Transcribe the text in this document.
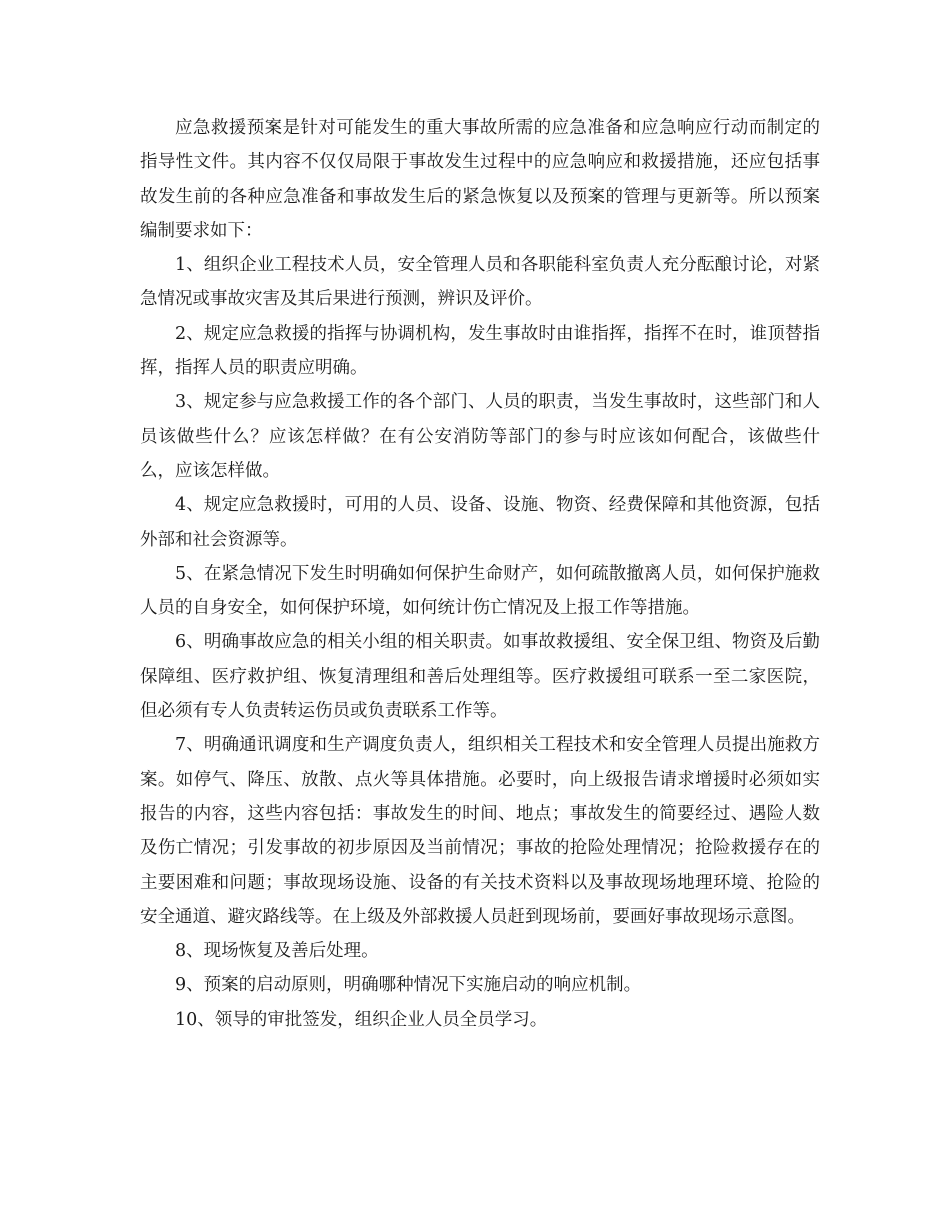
应急救援预案是针对可能发生的重大事故所需的应急准备和应急响应行动而制定的指导性文件。其内容不仅仅局限于事故发生过程中的应急响应和救援措施，还应包括事故发生前的各种应急准备和事故发生后的紧急恢复以及预案的管理与更新等。所以预案编制要求如下：

1、组织企业工程技术人员，安全管理人员和各职能科室负责人充分酝酿讨论，对紧急情况或事故灾害及其后果进行预测，辨识及评价。

2、规定应急救援的指挥与协调机构，发生事故时由谁指挥，指挥不在时，谁顶替指挥，指挥人员的职责应明确。

3、规定参与应急救援工作的各个部门、人员的职责，当发生事故时，这些部门和人员该做些什么？应该怎样做？在有公安消防等部门的参与时应该如何配合，该做些什么，应该怎样做。

4、规定应急救援时，可用的人员、设备、设施、物资、经费保障和其他资源，包括外部和社会资源等。

5、在紧急情况下发生时明确如何保护生命财产，如何疏散撤离人员，如何保护施救人员的自身安全，如何保护环境，如何统计伤亡情况及上报工作等措施。

6、明确事故应急的相关小组的相关职责。如事故救援组、安全保卫组、物资及后勤保障组、医疗救护组、恢复清理组和善后处理组等。医疗救援组可联系一至二家医院，但必须有专人负责转运伤员或负责联系工作等。

7、明确通讯调度和生产调度负责人，组织相关工程技术和安全管理人员提出施救方案。如停气、降压、放散、点火等具体措施。必要时，向上级报告请求增援时必须如实报告的内容，这些内容包括：事故发生的时间、地点；事故发生的简要经过、遇险人数及伤亡情况；引发事故的初步原因及当前情况；事故的抢险处理情况；抢险救援存在的主要困难和问题；事故现场设施、设备的有关技术资料以及事故现场地理环境、抢险的安全通道、避灾路线等。在上级及外部救援人员赶到现场前，要画好事故现场示意图。

8、现场恢复及善后处理。

9、预案的启动原则，明确哪种情况下实施启动的响应机制。

10、领导的审批签发，组织企业人员全员学习。
